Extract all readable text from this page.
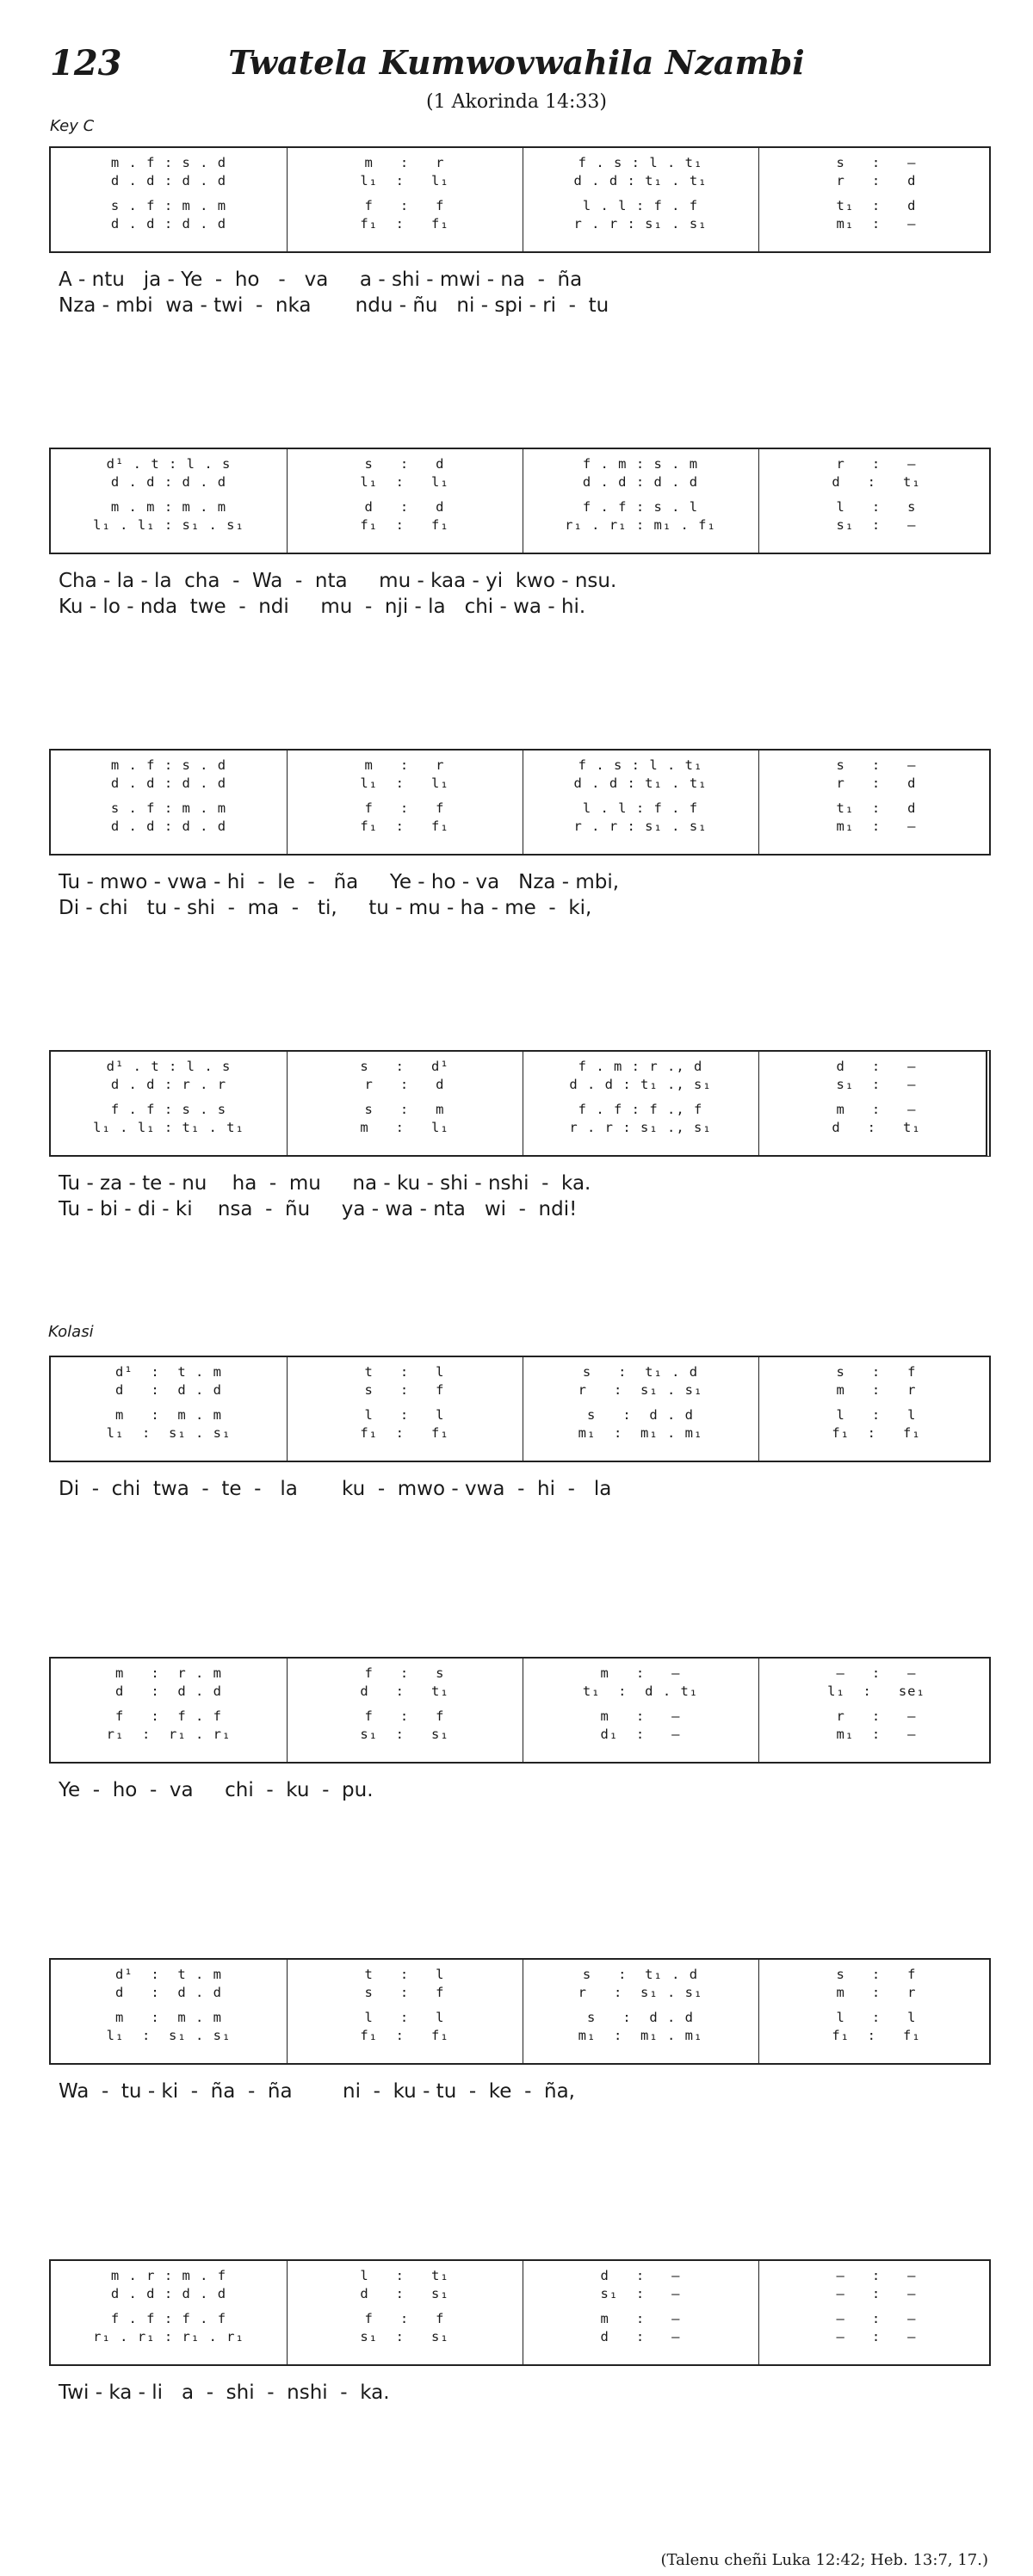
123	Twatela Kumwovwahila Nzambi
(1 Akorinda 14:33)
Key C
Kolasi
m . f : s . d
d . d : d . d
s . f : m . m
d . d : d . d
m   :   r
l₁  :   l₁
f   :   f
f₁  :   f₁
f . s : l . t₁
d . d : t₁ . t₁
l . l : f . f
r . r : s₁ . s₁
s   :   —
r   :   d
t₁  :   d
m₁  :   —
A - ntu   ja - Ye  -  ho   -   va     a - shi - mwi - na  -  ña
Nza - mbi  wa - twi  -  nka       ndu - ñu   ni - spi - ri  -  tu
d¹ . t : l . s
d . d : d . d
m . m : m . m
l₁ . l₁ : s₁ . s₁
s   :   d
l₁  :   l₁
d   :   d
f₁  :   f₁
f . m : s . m
d . d : d . d
f . f : s . l
r₁ . r₁ : m₁ . f₁
r   :   —
d   :   t₁
l   :   s
s₁  :   —
Cha - la - la  cha  -  Wa  -  nta     mu - kaa - yi  kwo - nsu.
Ku - lo - nda  twe  -  ndi     mu  -  nji - la   chi - wa - hi.
m . f : s . d
d . d : d . d
s . f : m . m
d . d : d . d
m   :   r
l₁  :   l₁
f   :   f
f₁  :   f₁
f . s : l . t₁
d . d : t₁ . t₁
l . l : f . f
r . r : s₁ . s₁
s   :   —
r   :   d
t₁  :   d
m₁  :   —
Tu - mwo - vwa - hi  -  le  -   ña     Ye - ho - va   Nza - mbi,
Di - chi   tu - shi  -  ma  -   ti,     tu - mu - ha - me  -  ki,
d¹ . t : l . s
d . d : r . r
f . f : s . s
l₁ . l₁ : t₁ . t₁
s   :   d¹
r   :   d
s   :   m
m   :   l₁
f . m : r ., d
d . d : t₁ ., s₁
f . f : f ., f
r . r : s₁ ., s₁
d   :   —
s₁  :   —
m   :   —
d   :   t₁
Tu - za - te - nu    ha  -  mu     na - ku - shi - nshi  -  ka.
Tu - bi - di - ki    nsa  -  ñu     ya - wa - nta   wi  -  ndi!
d¹  :  t . m
d   :  d . d
m   :  m . m
l₁  :  s₁ . s₁
t   :   l
s   :   f
l   :   l
f₁  :   f₁
s   :  t₁ . d
r   :  s₁ . s₁
s   :  d . d
m₁  :  m₁ . m₁
s   :   f
m   :   r
l   :   l
f₁  :   f₁
Di  -  chi  twa  -  te  -   la       ku  -  mwo - vwa  -  hi  -   la
m   :  r . m
d   :  d . d
f   :  f . f
r₁  :  r₁ . r₁
f   :   s
d   :   t₁
f   :   f
s₁  :   s₁
m   :   —
t₁  :  d . t₁
m   :   —
d₁  :   —
—   :   —
l₁  :   se₁
r   :   —
m₁  :   —
Ye  -  ho  -  va     chi  -  ku  -  pu.
d¹  :  t . m
d   :  d . d
m   :  m . m
l₁  :  s₁ . s₁
t   :   l
s   :   f
l   :   l
f₁  :   f₁
s   :  t₁ . d
r   :  s₁ . s₁
s   :  d . d
m₁  :  m₁ . m₁
s   :   f
m   :   r
l   :   l
f₁  :   f₁
Wa  -  tu - ki  -  ña  -  ña        ni  -  ku - tu  -  ke  -  ña,
m . r : m . f
d . d : d . d
f . f : f . f
r₁ . r₁ : r₁ . r₁
l   :   t₁
d   :   s₁
f   :   f
s₁  :   s₁
d   :   —
s₁  :   —
m   :   —
d   :   —
—   :   —
—   :   —
—   :   —
—   :   —
Twi - ka - li   a  -  shi  -  nshi  -  ka.
(Talenu cheñi Luka 12:42; Heb. 13:7, 17.)
